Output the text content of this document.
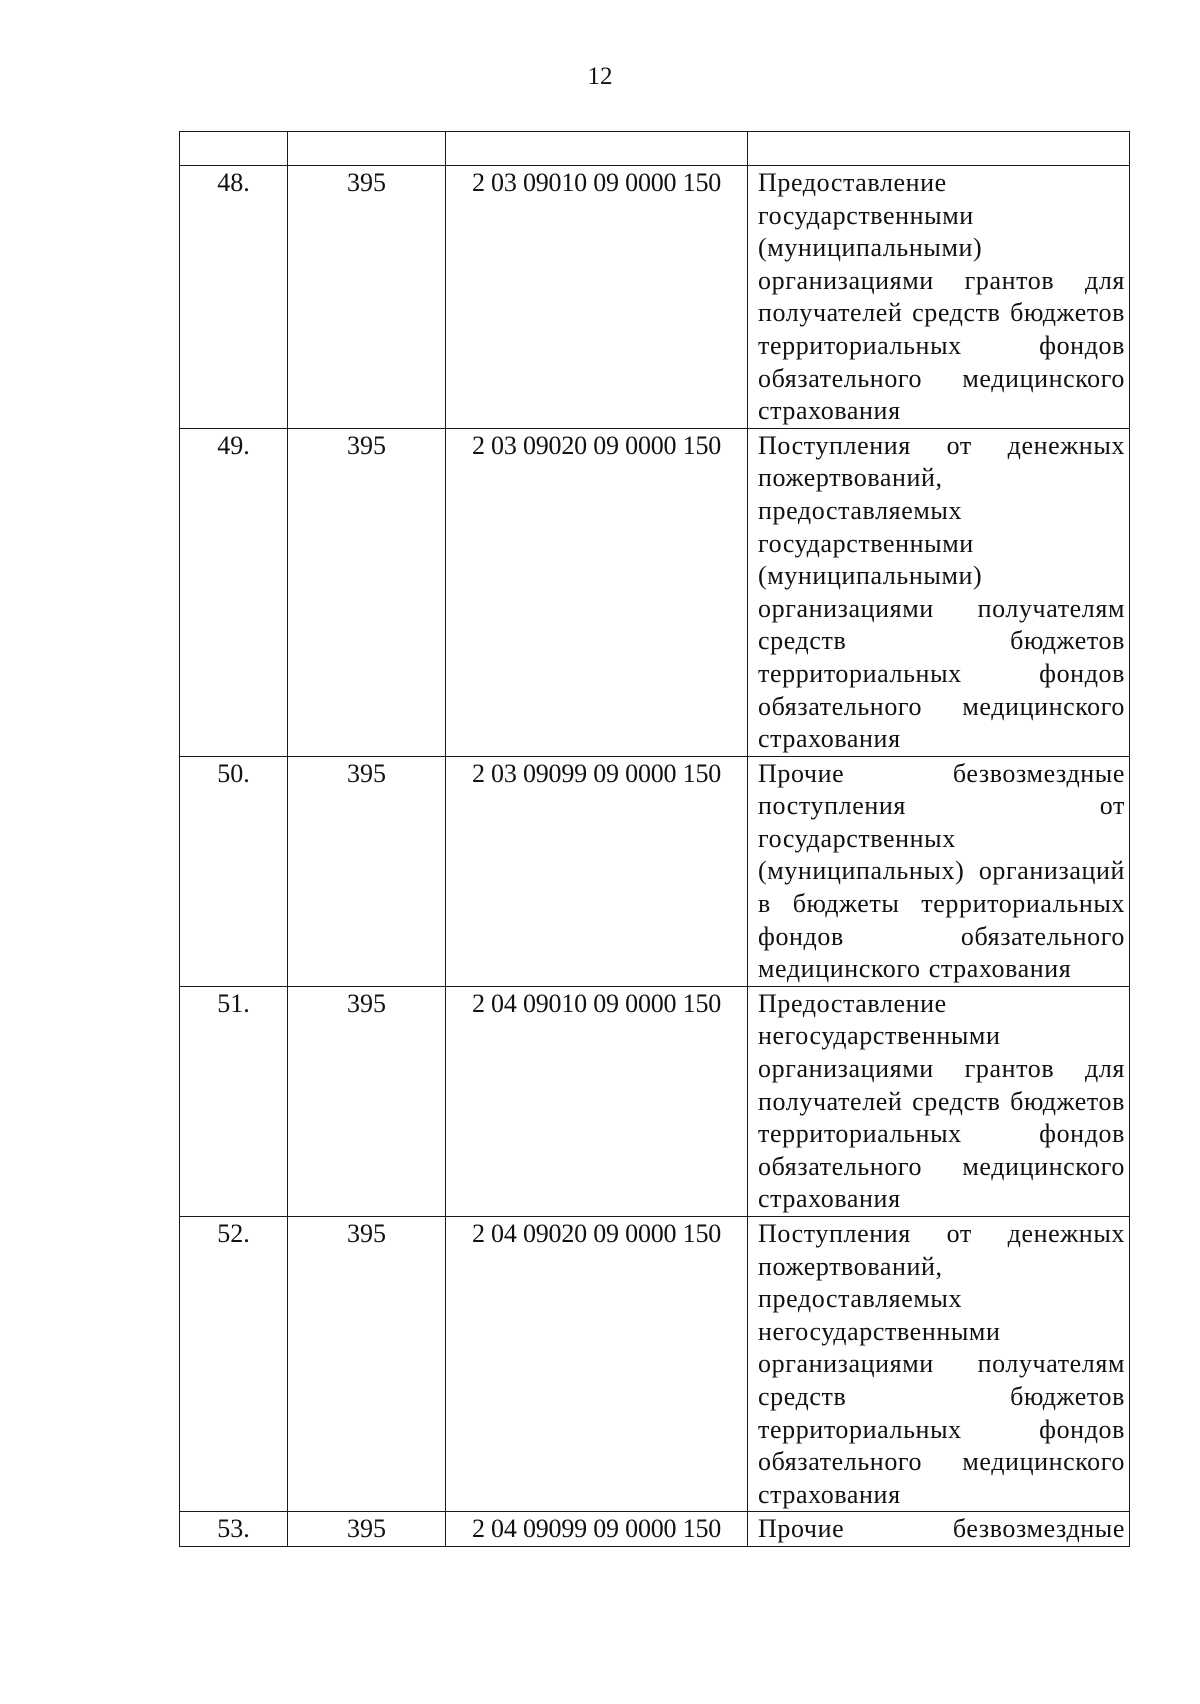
12

48.	395	2 03 09010 09 0000 150	Предоставление государственными (муниципальными) организациями грантов для получателей средств бюджетов территориальных фондов обязательного медицинского страхования

49.	395	2 03 09020 09 0000 150	Поступления от денежных пожертвований, предоставляемых государственными (муниципальными) организациями получателям средств бюджетов территориальных фондов обязательного медицинского страхования

50.	395	2 03 09099 09 0000 150	Прочие безвозмездные поступления от государственных (муниципальных) организаций в бюджеты территориальных фондов обязательного медицинского страхования

51.	395	2 04 09010 09 0000 150	Предоставление негосударственными организациями грантов для получателей средств бюджетов территориальных фондов обязательного медицинского страхования

52.	395	2 04 09020 09 0000 150	Поступления от денежных пожертвований, предоставляемых негосударственными организациями получателям средств бюджетов территориальных фондов обязательного медицинского страхования

53.	395	2 04 09099 09 0000 150	Прочие безвозмездные
